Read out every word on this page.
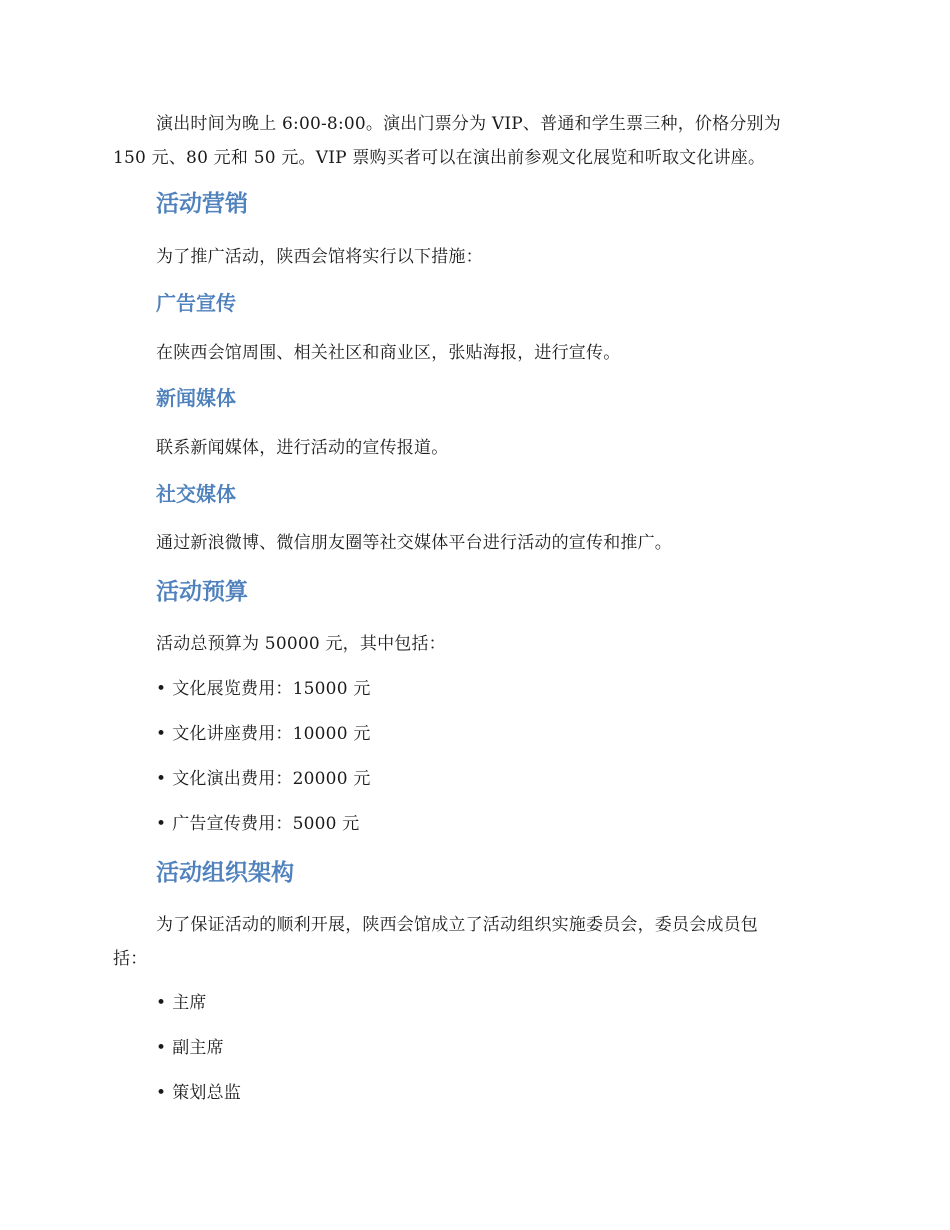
演出时间为晚上 6:00-8:00。演出门票分为 VIP、普通和学生票三种，价格分别为

150 元、80 元和 50 元。VIP 票购买者可以在演出前参观文化展览和听取文化讲座。

活动营销

为了推广活动，陕西会馆将实行以下措施：

广告宣传

在陕西会馆周围、相关社区和商业区，张贴海报，进行宣传。

新闻媒体

联系新闻媒体，进行活动的宣传报道。

社交媒体

通过新浪微博、微信朋友圈等社交媒体平台进行活动的宣传和推广。

活动预算

活动总预算为 50000 元，其中包括：

• 文化展览费用：15000 元
• 文化讲座费用：10000 元
• 文化演出费用：20000 元
• 广告宣传费用：5000 元
活动组织架构

为了保证活动的顺利开展，陕西会馆成立了活动组织实施委员会，委员会成员包

括：

• 主席
• 副主席
• 策划总监
